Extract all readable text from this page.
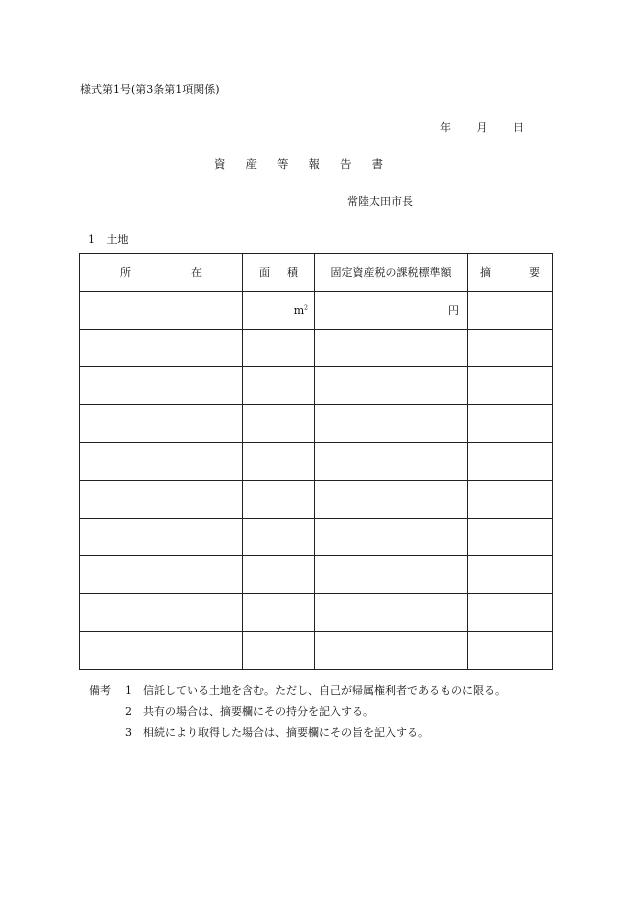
様式第1号(第3条第1項関係)
年 月 日
資産等報告書
常陸太田市長
1 土地
所 在	面 積	固定資産税の課税標準額	摘 要

	$m^2$	円	

備考	1	信託している土地を含む。ただし、自己が帰属権利者であるものに限る。
2	共有の場合は、摘要欄にその持分を記入する。
3	相続により取得した場合は、摘要欄にその旨を記入する。
